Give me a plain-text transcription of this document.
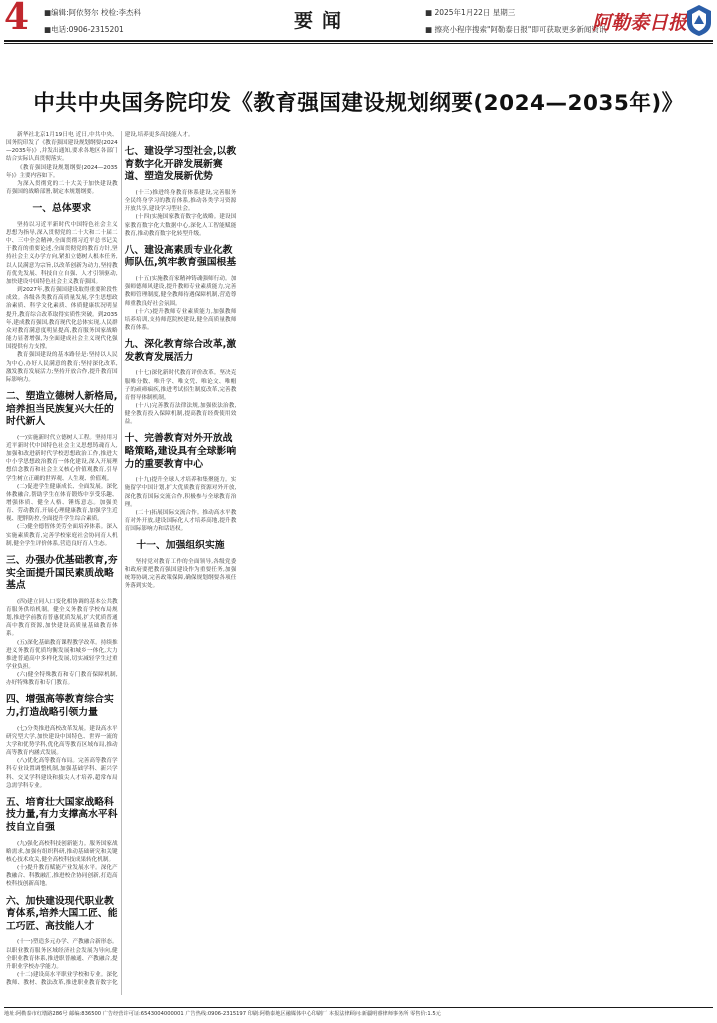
4 ■编辑:阿依努尔 校检:李杰科
■电话:0906-2315201	要闻	■ 2025年1月22日 星期三
■ 擦亮小程序搜索"阿勒泰日报"即可获取更多新闻资讯
阿勒泰日报
中共中央国务院印发《教育强国建设规划纲要(2024—2035年)》

新华社北京1月19日电 近日,中共中央、国务院印发了《教育强国建设规划纲要(2024—2035年)》,并发出通知,要求各地区各部门结合实际认真贯彻落实。

《教育强国建设规划纲要(2024—2035年)》主要内容如下。

为深入贯彻党的二十大关于加快建设教育强国的战略部署,制定本规划纲要。

一、总体要求

坚持以习近平新时代中国特色社会主义思想为指导,深入贯彻党的二十大和二十届二中、三中全会精神,全面贯彻习近平总书记关于教育的重要论述,全面贯彻党的教育方针,坚持社会主义办学方向,紧扣立德树人根本任务,以人民满意为宗旨,以改革创新为动力,坚持教育优先发展、科技自立自强、人才引领驱动,加快建设中国特色社会主义教育强国。

到2027年,教育强国建设取得重要阶段性成效。各级各类教育高质量发展,学生思想政治素质、科学文化素质、体质健康状况明显提升,教育综合改革取得实质性突破。到2035年,建成教育强国,教育现代化总体实现,人民群众对教育满意度明显提高,教育服务国家战略能力显著增强,为全面建成社会主义现代化强国提供有力支撑。

教育强国建设的基本路径是:坚持以人民为中心,办好人民满意的教育;坚持深化改革,激发教育发展活力;坚持开放合作,提升教育国际影响力。

二、塑造立德树人新格局,培养担当民族复兴大任的时代新人

(一)实施新时代立德树人工程。坚持用习近平新时代中国特色社会主义思想铸魂育人,加强和改进新时代学校思想政治工作,推进大中小学思想政治教育一体化建设,深入开展理想信念教育和社会主义核心价值观教育,引导学生树立正确的世界观、人生观、价值观。

(二)促进学生健康成长、全面发展。深化体教融合,帮助学生在体育锻炼中享受乐趣、增强体质、健全人格、锤炼意志。加强美育、劳动教育,开展心理健康教育,加强学生近视、肥胖防控,全面提升学生综合素质。

(三)健全德智体美劳全面培养体系。深入实施素质教育,完善学校家庭社会协同育人机制,健全学生评价体系,营造良好育人生态。

三、办强办优基础教育,夯实全面提升国民素质战略基点

(四)建立同人口变化相协调的基本公共教育服务供给机制。健全义务教育学校布局规划,推进学前教育普惠优质发展,扩大优质普通高中教育资源,加快建设高质量基础教育体系。

(五)深化基础教育课程教学改革。持续推进义务教育优质均衡发展和城乡一体化,大力推进普通高中多样化发展,切实减轻学生过重学业负担。

(六)健全特殊教育和专门教育保障机制,办好特殊教育和专门教育。

四、增强高等教育综合实力,打造战略引领力量

(七)分类推进高校改革发展。建设高水平研究型大学,加快建设中国特色、世界一流的大学和优势学科,优化高等教育区域布局,推动高等教育内涵式发展。

(八)优化高等教育布局。完善高等教育学科专业设置调整机制,加强基础学科、新兴学科、交叉学科建设和拔尖人才培养,超常布局急需学科专业。

五、培育壮大国家战略科技力量,有力支撑高水平科技自立自强

(九)强化高校科技创新能力。服务国家战略需求,加强有组织科研,推动基础研究和关键核心技术攻关,健全高校科技成果转化机制。

(十)提升教育赋能产业发展水平。深化产教融合、科教融汇,推进校企协同创新,打造高校科技创新高地。

六、加快建设现代职业教育体系,培养大国工匠、能工巧匠、高技能人才

(十一)塑造多元办学、产教融合新形态。以职业教育服务区域经济社会发展为导向,健全职业教育体系,推进职普融通、产教融合,提升职业学校办学能力。

(十二)建设高水平职业学校和专业。深化教师、教材、教法改革,推进职业教育数字化建设,培养更多高技能人才。

七、建设学习型社会,以教育数字化开辟发展新赛道、塑造发展新优势

(十三)推进终身教育体系建设,完善服务全民终身学习的教育体系,推动各类学习资源开放共享,建设学习型社会。

(十四)实施国家教育数字化战略。建设国家教育数字化大数据中心,深化人工智能赋能教育,推动教育数字化转型升级。

八、建设高素质专业化教师队伍,筑牢教育强国根基

(十五)实施教育家精神铸魂强师行动。加强师德师风建设,提升教师专业素质能力,完善教师管理制度,健全教师待遇保障机制,营造尊师重教良好社会氛围。

(十六)提升教师专业素质能力,加强教师培养培训,支持师范院校建设,健全高质量教师教育体系。

九、深化教育综合改革,激发教育发展活力

(十七)深化新时代教育评价改革。坚决克服唯分数、唯升学、唯文凭、唯论文、唯帽子的顽瘴痼疾,推进考试招生制度改革,完善教育督导体制机制。

(十八)完善教育法律法规,加强依法治教,健全教育投入保障机制,提高教育经费使用效益。

十、完善教育对外开放战略策略,建设具有全球影响力的重要教育中心

(十九)提升全球人才培养和集聚能力。实施留学中国计划,扩大优质教育资源对外开放,深化教育国际交流合作,积极参与全球教育治理。

(二十)拓展国际交流合作。推动高水平教育对外开放,建设国际化人才培养高地,提升教育国际影响力和话语权。

十一、加强组织实施

坚持党对教育工作的全面领导,各级党委和政府要把教育强国建设作为重要任务,加强统筹协调,完善政策保障,确保规划纲要各项任务落到实处。

地址:阿勒泰市红墩路286号 邮编:836500 广告经营许可证:6543004000001 广告热线:0906-2315197 印刷:阿勒泰地区融媒体中心印刷厂 本报法律顾问:新疆明睿律师事务所 零售价:1.5元
